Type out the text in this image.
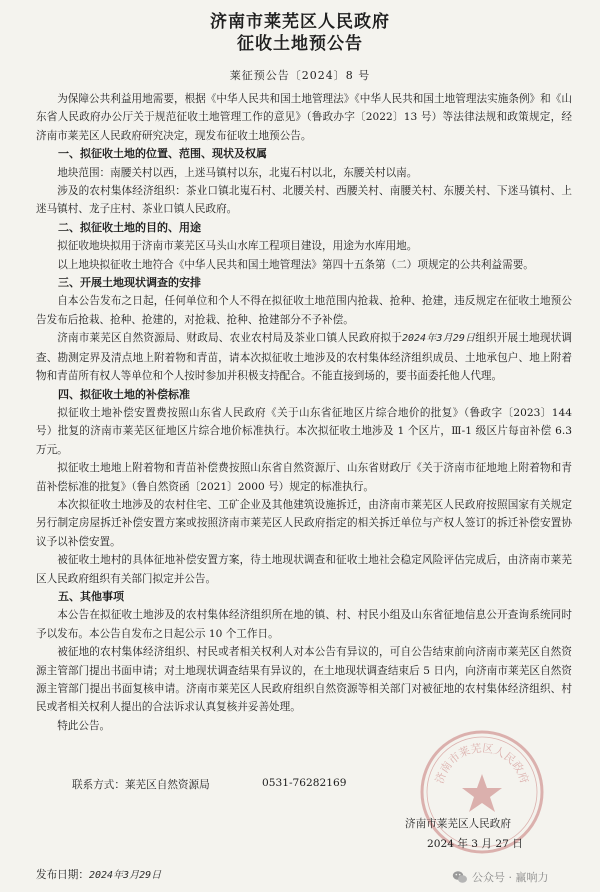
济南市莱芜区人民政府
征收土地预公告
莱征预公告〔2024〕8 号

为保障公共利益用地需要，根据《中华人民共和国土地管理法》《中华人民共和国土地管理法实施条例》和《山东省人民政府办公厅关于规范征收土地管理工作的意见》（鲁政办字〔2022〕13 号）等法律法规和政策规定，经济南市莱芜区人民政府研究决定，现发布征收土地预公告。

一、拟征收土地的位置、范围、现状及权属

地块范围：南腰关村以西，上迷马镇村以东，北嵬石村以北，东腰关村以南。

涉及的农村集体经济组织：茶业口镇北嵬石村、北腰关村、西腰关村、南腰关村、东腰关村、下迷马镇村、上迷马镇村、龙子庄村、茶业口镇人民政府。

二、拟征收土地的目的、用途

拟征收地块拟用于济南市莱芜区马头山水库工程项目建设，用途为水库用地。

以上地块拟征收土地符合《中华人民共和国土地管理法》第四十五条第（二）项规定的公共利益需要。

三、开展土地现状调查的安排

自本公告发布之日起，任何单位和个人不得在拟征收土地范围内抢栽、抢种、抢建，违反规定在征收土地预公告发布后抢栽、抢种、抢建的，对抢栽、抢种、抢建部分不予补偿。

济南市莱芜区自然资源局、财政局、农业农村局及茶业口镇人民政府拟于2024年3月29日组织开展土地现状调查、勘测定界及清点地上附着物和青苗，请本次拟征收土地涉及的农村集体经济组织成员、土地承包户、地上附着物和青苗所有权人等单位和个人按时参加并积极支持配合。不能直接到场的，要书面委托他人代理。

四、拟征收土地的补偿标准

拟征收土地补偿安置费按照山东省人民政府《关于山东省征地区片综合地价的批复》（鲁政字〔2023〕144 号）批复的济南市莱芜区征地区片综合地价标准执行。本次拟征收土地涉及 1 个区片，Ⅲ-1 级区片每亩补偿 6.3 万元。

拟征收土地地上附着物和青苗补偿费按照山东省自然资源厅、山东省财政厅《关于济南市征地地上附着物和青苗补偿标准的批复》（鲁自然资函〔2021〕2000 号）规定的标准执行。

本次拟征收土地涉及的农村住宅、工矿企业及其他建筑设施拆迁，由济南市莱芜区人民政府按照国家有关规定另行制定房屋拆迁补偿安置方案或按照济南市莱芜区人民政府指定的相关拆迁单位与产权人签订的拆迁补偿安置协议予以补偿安置。

被征收土地村的具体征地补偿安置方案，待土地现状调查和征收土地社会稳定风险评估完成后，由济南市莱芜区人民政府组织有关部门拟定并公告。

五、其他事项

本公告在拟征收土地涉及的农村集体经济组织所在地的镇、村、村民小组及山东省征地信息公开查询系统同时予以发布。本公告自发布之日起公示 10 个工作日。

被征地的农村集体经济组织、村民或者相关权利人对本公告有异议的，可自公告结束前向济南市莱芜区自然资源主管部门提出书面申请；对土地现状调查结果有异议的，在土地现状调查结束后 5 日内，向济南市莱芜区自然资源主管部门提出书面复核申请。济南市莱芜区人民政府组织自然资源等相关部门对被征地的农村集体经济组织、村民或者相关权利人提出的合法诉求认真复核并妥善处理。

特此公告。

联系方式：莱芜区自然资源局	0531-76282169	济南市莱芜区人民政府
济南市莱芜区人民政府
2024 年 3 月 27 日
发布日期：2024年3月29日	公众号 · 赢响力
